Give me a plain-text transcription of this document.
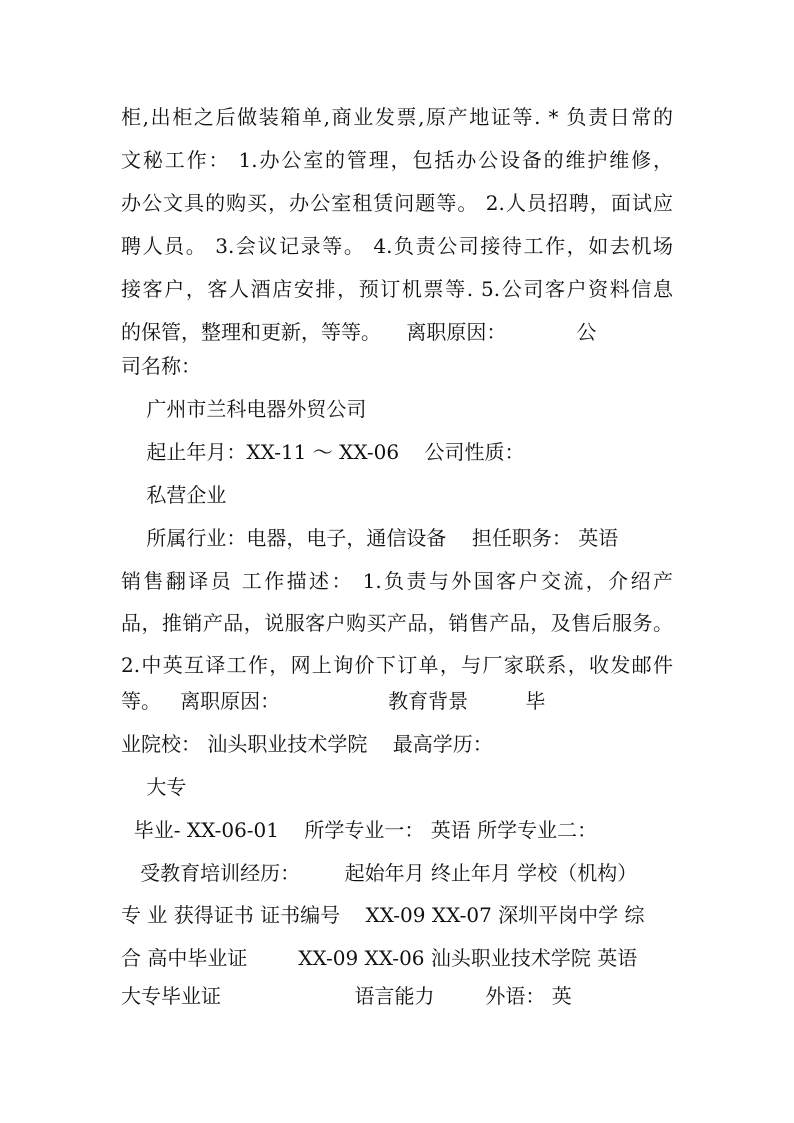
柜,出柜之后做装箱单,商业发票,原产地证等. * 负责日常的
文秘工作： 1.办公室的管理，包括办公设备的维护维修，
办公文具的购买，办公室租赁问题等。 2.人员招聘，面试应
聘人员。 3.会议记录等。 4.负责公司接待工作，如去机场
接客户，客人酒店安排，预订机票等. 5.公司客户资料信息
的保管，整理和更新，等等。    离职原因：           公
司名称：
广州市兰科电器外贸公司
起止年月：XX-11 ～ XX-06    公司性质：
私营企业
所属行业：电器，电子，通信设备    担任职务： 英语
销售翻译员 工作描述： 1.负责与外国客户交流，介绍产
品，推销产品，说服客户购买产品，销售产品，及售后服务。
2.中英互译工作，网上询价下订单，与厂家联系，收发邮件
等。   离职原因：                 教育背景         毕
业院校： 汕头职业技术学院    最高学历：
大专
毕业- XX-06-01    所学专业一： 英语 所学专业二：
受教育培训经历：       起始年月 终止年月 学校（机构）
专 业 获得证书 证书编号    XX-09 XX-07 深圳平岗中学 综
合 高中毕业证        XX-09 XX-06 汕头职业技术学院 英语
大专毕业证                     语言能力        外语： 英
